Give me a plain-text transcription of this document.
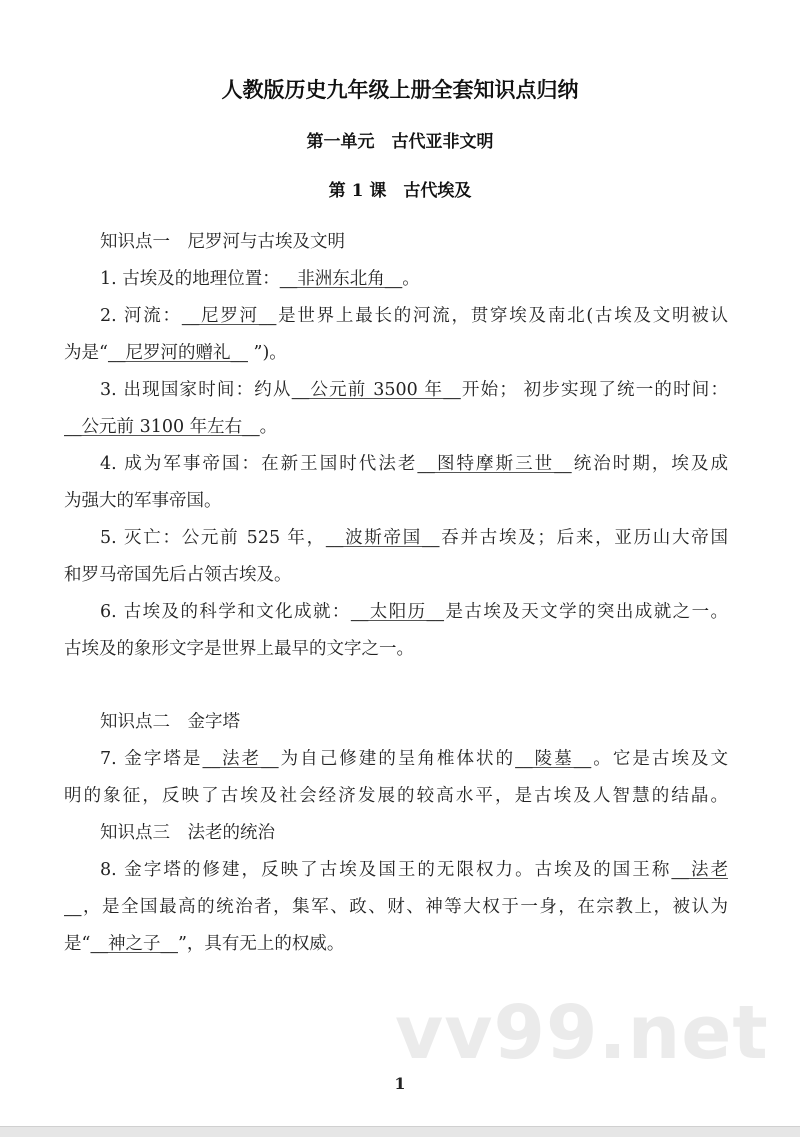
人教版历史九年级上册全套知识点归纳
第一单元　古代亚非文明
第 1 课　古代埃及
知识点一　尼罗河与古埃及文明
1. 古埃及的地理位置：__非洲东北角__。
2. 河流：__尼罗河__是世界上最长的河流，贯穿埃及南北(古埃及文明被认
为是“__尼罗河的赠礼__ ”)。
3. 出现国家时间：约从__公元前 3500 年__开始； 初步实现了统一的时间：
__公元前 3100 年左右__。
4. 成为军事帝国：在新王国时代法老__图特摩斯三世__统治时期，埃及成
为强大的军事帝国。
5. 灭亡：公元前 525 年，__波斯帝国__吞并古埃及；后来，亚历山大帝国
和罗马帝国先后占领古埃及。
6. 古埃及的科学和文化成就：__太阳历__是古埃及天文学的突出成就之一。
古埃及的象形文字是世界上最早的文字之一。
知识点二　金字塔
7. 金字塔是__法老__为自己修建的呈角椎体状的__陵墓__。它是古埃及文
明的象征，反映了古埃及社会经济发展的较高水平，是古埃及人智慧的结晶。
知识点三　法老的统治
8. 金字塔的修建，反映了古埃及国王的无限权力。古埃及的国王称__法老
__，是全国最高的统治者，集军、政、财、神等大权于一身，在宗教上，被认为
是“__神之子__”，具有无上的权威。
vv99.net
1
